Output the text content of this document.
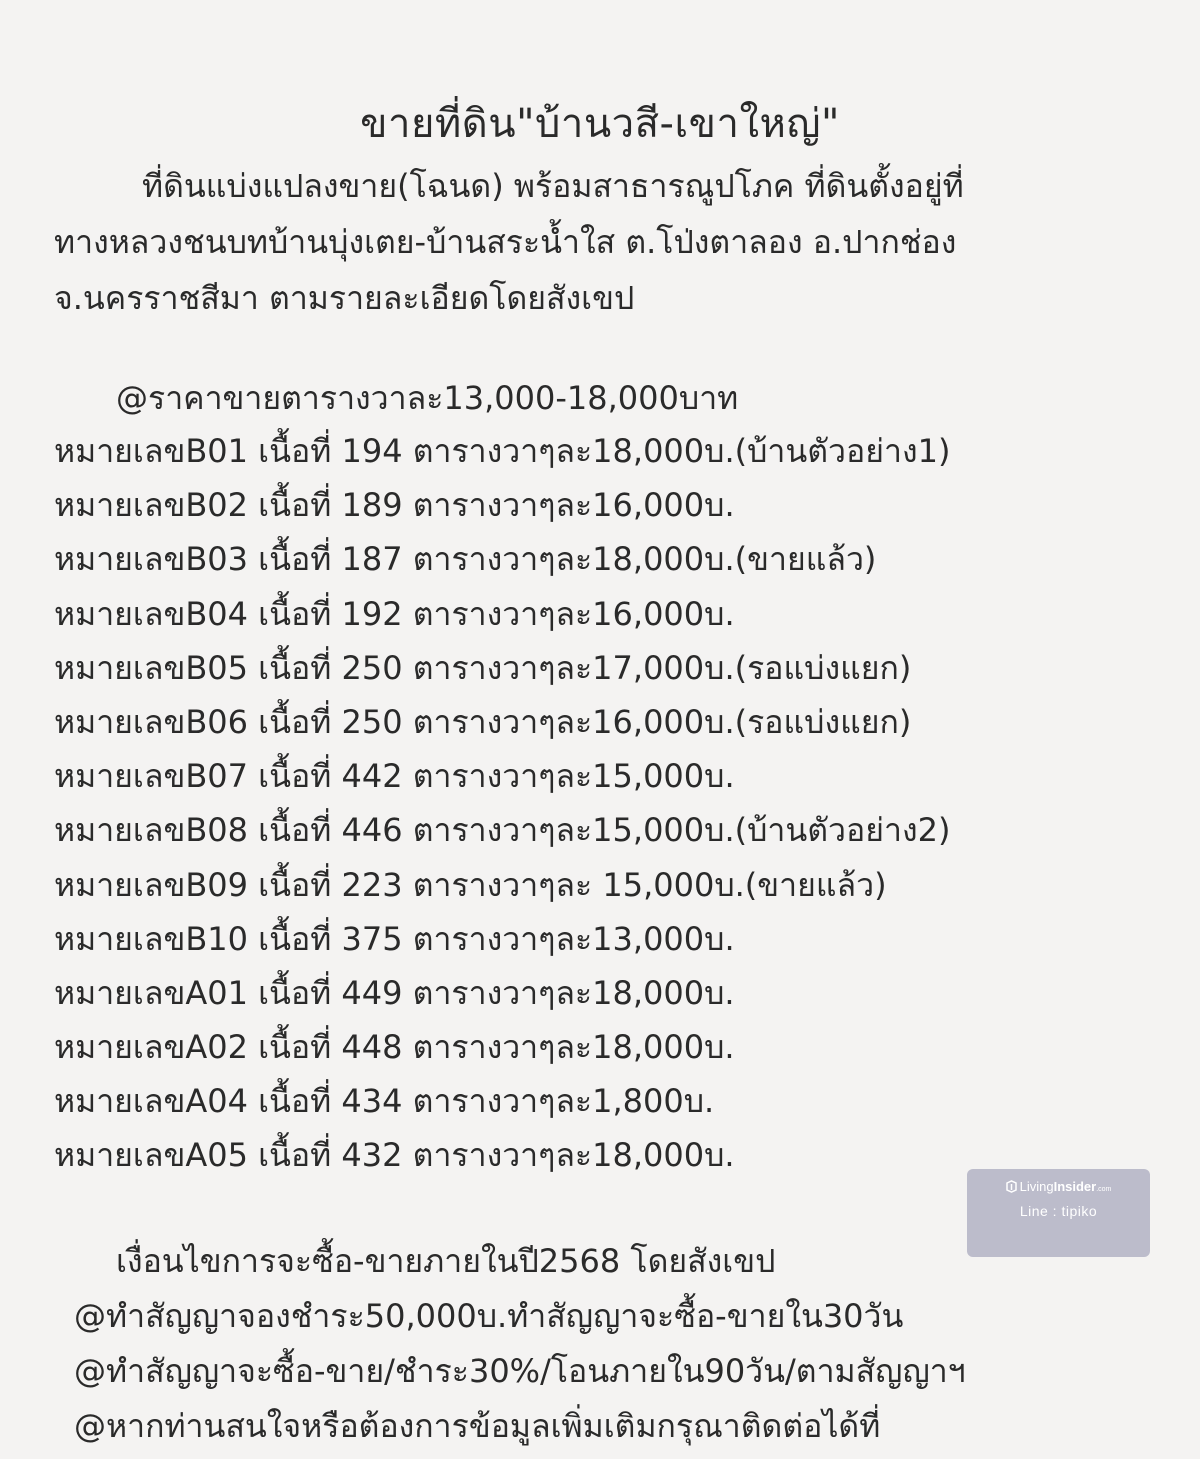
ขายที่ดิน"บ้านวสี-เขาใหญ่"
ที่ดินแบ่งแปลงขาย(โฉนด) พร้อมสาธารณูปโภค ที่ดินตั้งอยู่ที่
ทางหลวงชนบทบ้านบุ่งเตย-บ้านสระน้ำใส ต.โป่งตาลอง อ.ปากช่อง
จ.นครราชสีมา ตามรายละเอียดโดยสังเขป
@ราคาขายตารางวาละ13,000-18,000บาท
หมายเลขB01 เนื้อที่ 194 ตารางวาๆละ18,000บ.(บ้านตัวอย่าง1)
หมายเลขB02 เนื้อที่ 189 ตารางวาๆละ16,000บ.
หมายเลขB03 เนื้อที่ 187 ตารางวาๆละ18,000บ.(ขายแล้ว)
หมายเลขB04 เนื้อที่ 192 ตารางวาๆละ16,000บ.
หมายเลขB05 เนื้อที่ 250 ตารางวาๆละ17,000บ.(รอแบ่งแยก)
หมายเลขB06 เนื้อที่ 250 ตารางวาๆละ16,000บ.(รอแบ่งแยก)
หมายเลขB07 เนื้อที่ 442 ตารางวาๆละ15,000บ.
หมายเลขB08 เนื้อที่ 446 ตารางวาๆละ15,000บ.(บ้านตัวอย่าง2)
หมายเลขB09 เนื้อที่ 223 ตารางวาๆละ 15,000บ.(ขายแล้ว)
หมายเลขB10 เนื้อที่ 375 ตารางวาๆละ13,000บ.
หมายเลขA01 เนื้อที่ 449 ตารางวาๆละ18,000บ.
หมายเลขA02 เนื้อที่ 448 ตารางวาๆละ18,000บ.
หมายเลขA04 เนื้อที่ 434 ตารางวาๆละ1,800บ.
หมายเลขA05 เนื้อที่ 432 ตารางวาๆละ18,000บ.
เงื่อนไขการจะซื้อ-ขายภายในปี2568 โดยสังเขป
@ทำสัญญาจองชำระ50,000บ.ทำสัญญาจะซื้อ-ขายใน30วัน
@ทำสัญญาจะซื้อ-ขาย/ชำระ30%/โอนภายใน90วัน/ตามสัญญาฯ
@หากท่านสนใจหรือต้องการข้อมูลเพิ่มเติมกรุณาติดต่อได้ที่
LivingInsider.com
Line : tipiko
